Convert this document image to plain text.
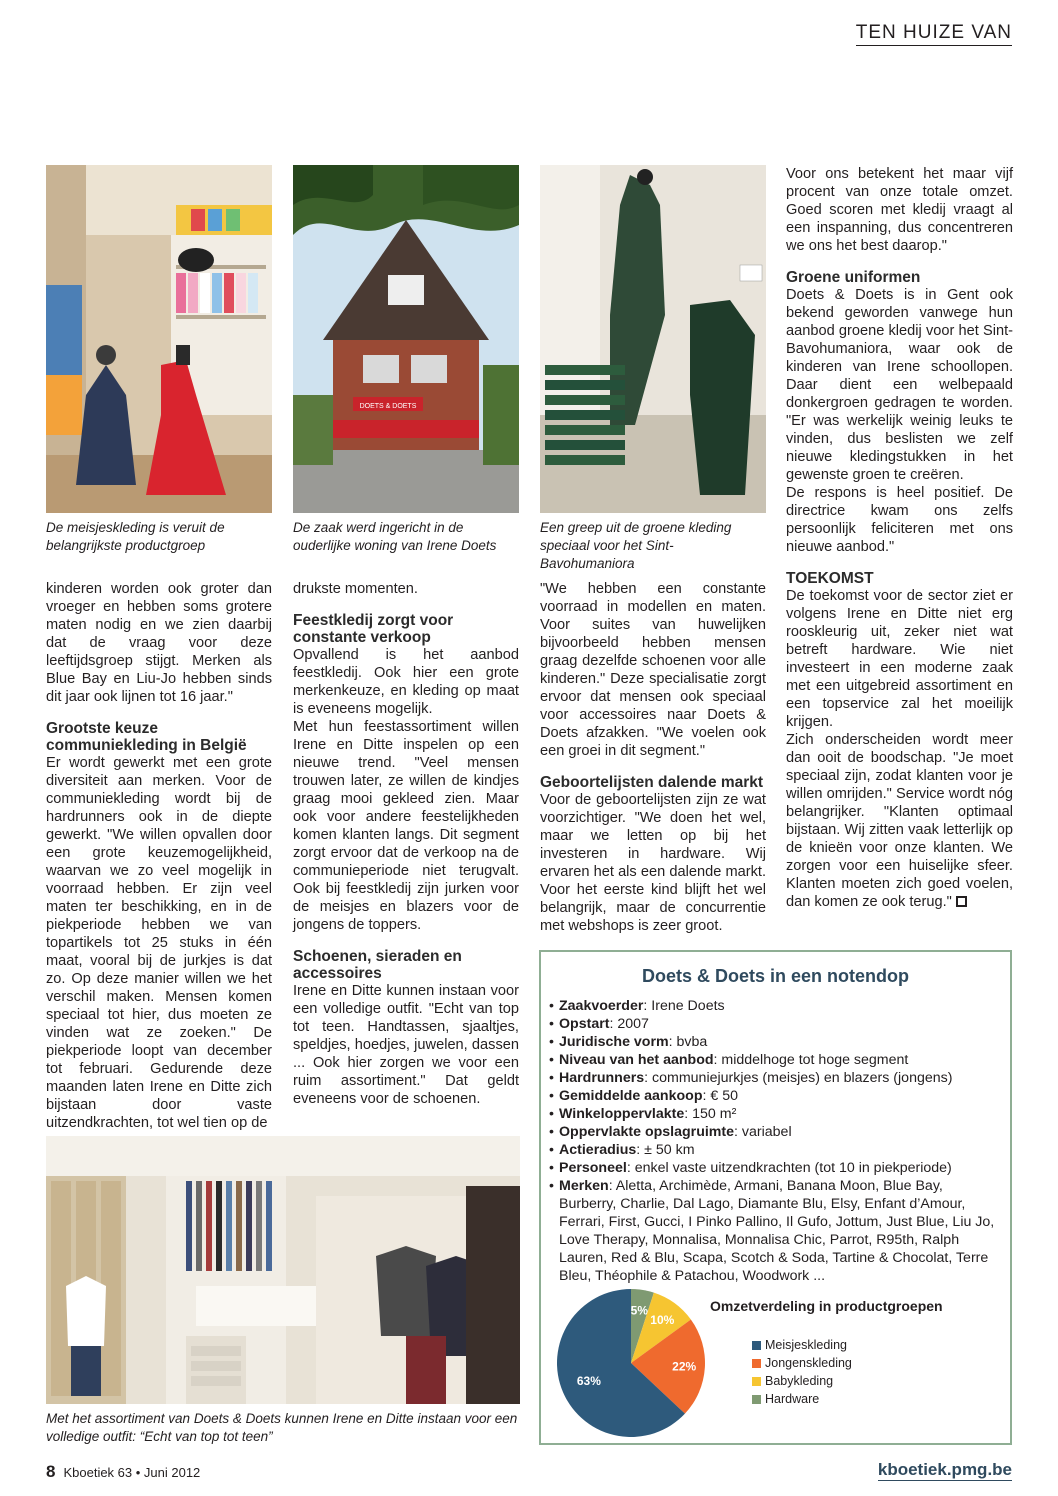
TEN HUIZE VAN
De meisjeskleding is veruit de belangrijkste productgroep
DOETS & DOETS
De zaak werd ingericht in de ouderlijke woning van Irene Doets
Een greep uit de groene kleding speciaal voor het Sint-Bavohumaniora

Voor ons betekent het maar vijf procent van onze totale omzet. Goed scoren met kledij vraagt al een inspanning, dus concentreren we ons het best daarop."

Groene uniformen

Doets & Doets is in Gent ook bekend geworden vanwege hun aanbod groene kledij voor het Sint-Bavohumaniora, waar ook de kinderen van Irene schoollopen. Daar dient een welbepaald donkergroen gedragen te worden. "Er was werkelijk weinig leuks te vinden, dus beslisten we zelf nieuwe kledingstukken in het gewenste groen te creëren.

De respons is heel positief. De directrice kwam ons zelfs persoonlijk feliciteren met ons nieuwe aanbod."

TOEKOMST

De toekomst voor de sector ziet er volgens Irene en Ditte niet erg rooskleurig uit, zeker niet wat betreft hardware. Wie niet investeert in een moderne zaak met een uitgebreid assortiment en een topservice zal het moeilijk krijgen.

Zich onderscheiden wordt meer dan ooit de boodschap. "Je moet speciaal zijn, zodat klanten voor je willen omrijden." Service wordt nóg belangrijker. "Klanten optimaal bijstaan. Wij zitten vaak letterlijk op de knieën voor onze klanten. We zorgen voor een huiselijke sfeer. Klanten moeten zich goed voelen, dan komen ze ook terug."

kinderen worden ook groter dan vroeger en hebben soms grotere maten nodig en we zien daarbij dat de vraag voor deze leeftijdsgroep stijgt. Merken als Blue Bay en Liu-Jo hebben sinds dit jaar ook lijnen tot 16 jaar."

Grootste keuze communiekleding in België

Er wordt gewerkt met een grote diversiteit aan merken. Voor de communiekleding wordt bij de hardrunners ook in de diepte gewerkt. "We willen opvallen door een grote keuzemogelijkheid, waarvan we zo veel mogelijk in voorraad hebben. Er zijn veel maten ter beschikking, en in de piekperiode hebben we van topartikels tot 25 stuks in één maat, vooral bij de jurkjes is dat zo. Op deze manier willen we het verschil maken. Mensen komen speciaal tot hier, dus moeten ze vinden wat ze zoeken." De piekperiode loopt van december tot februari. Gedurende deze maanden laten Irene en Ditte zich bijstaan door vaste uitzendkrachten, tot wel tien op de

drukste momenten.

Feestkledij zorgt voor constante verkoop

Opvallend is het aanbod feestkledij. Ook hier een grote merkenkeuze, en kleding op maat is eveneens mogelijk.

Met hun feestassortiment willen Irene en Ditte inspelen op een nieuwe trend. "Veel mensen trouwen later, ze willen de kindjes graag mooi gekleed zien. Maar ook voor andere feestelijkheden komen klanten langs. Dit segment zorgt ervoor dat de verkoop na de communieperiode niet terugvalt. Ook bij feestkledij zijn jurken voor de meisjes en blazers voor de jongens de toppers.

Schoenen, sieraden en accessoires

Irene en Ditte kunnen instaan voor een volledige outfit. "Echt van top tot teen. Handtassen, sjaaltjes, speldjes, hoedjes, juwelen, dassen ... Ook hier zorgen we voor een ruim assortiment." Dat geldt eveneens voor de schoenen.

"We hebben een constante voorraad in modellen en maten. Voor suites van huwelijken bijvoorbeeld hebben mensen graag dezelfde schoenen voor alle kinderen." Deze specialisatie zorgt ervoor dat mensen ook speciaal voor accessoires naar Doets & Doets afzakken. "We voelen ook een groei in dit segment."

Geboortelijsten dalende markt

Voor de geboortelijsten zijn ze wat voorzichtiger. "We doen het wel, maar we letten op bij het investeren in hardware. Wij ervaren het als een dalende markt. Voor het eerste kind blijft het wel belangrijk, maar de concurrentie met webshops is zeer groot.

Met het assortiment van Doets & Doets kunnen Irene en Ditte instaan voor een volledige outfit: “Echt van top tot teen”
Doets & Doets in een notendop
• Zaakvoerder: Irene Doets
• Opstart: 2007
• Juridische vorm: bvba
• Niveau van het aanbod: middelhoge tot hoge segment
• Hardrunners: communiejurkjes (meisjes) en blazers (jongens)
• Gemiddelde aankoop: € 50
• Winkeloppervlakte: 150 m²
• Oppervlakte opslagruimte: variabel
• Actieradius: ± 50 km
• Personeel: enkel vaste uitzendkrachten (tot 10 in piekperiode)
• Merken: Aletta, Archimède, Armani, Banana Moon, Blue Bay, Burberry, Charlie, Dal Lago, Diamante Blu, Elsy, Enfant d’Amour, Ferrari, First, Gucci, I Pinko Pallino, Il Gufo, Jottum, Just Blue, Liu Jo, Love Therapy, Monnalisa, Monnalisa Chic, Parrot, R95th, Ralph Lauren, Red & Blu, Scapa, Scotch & Soda, Tartine & Chocolat, Terre Bleu, Théophile & Patachou, Woodwork ...
Omzetverdeling in productgroepen
5%
10%
22%
63%
Meisjeskleding
Jongenskleding
Babykleding
Hardware
8 Kboetiek 63 • Juni 2012	kboetiek.pmg.be
